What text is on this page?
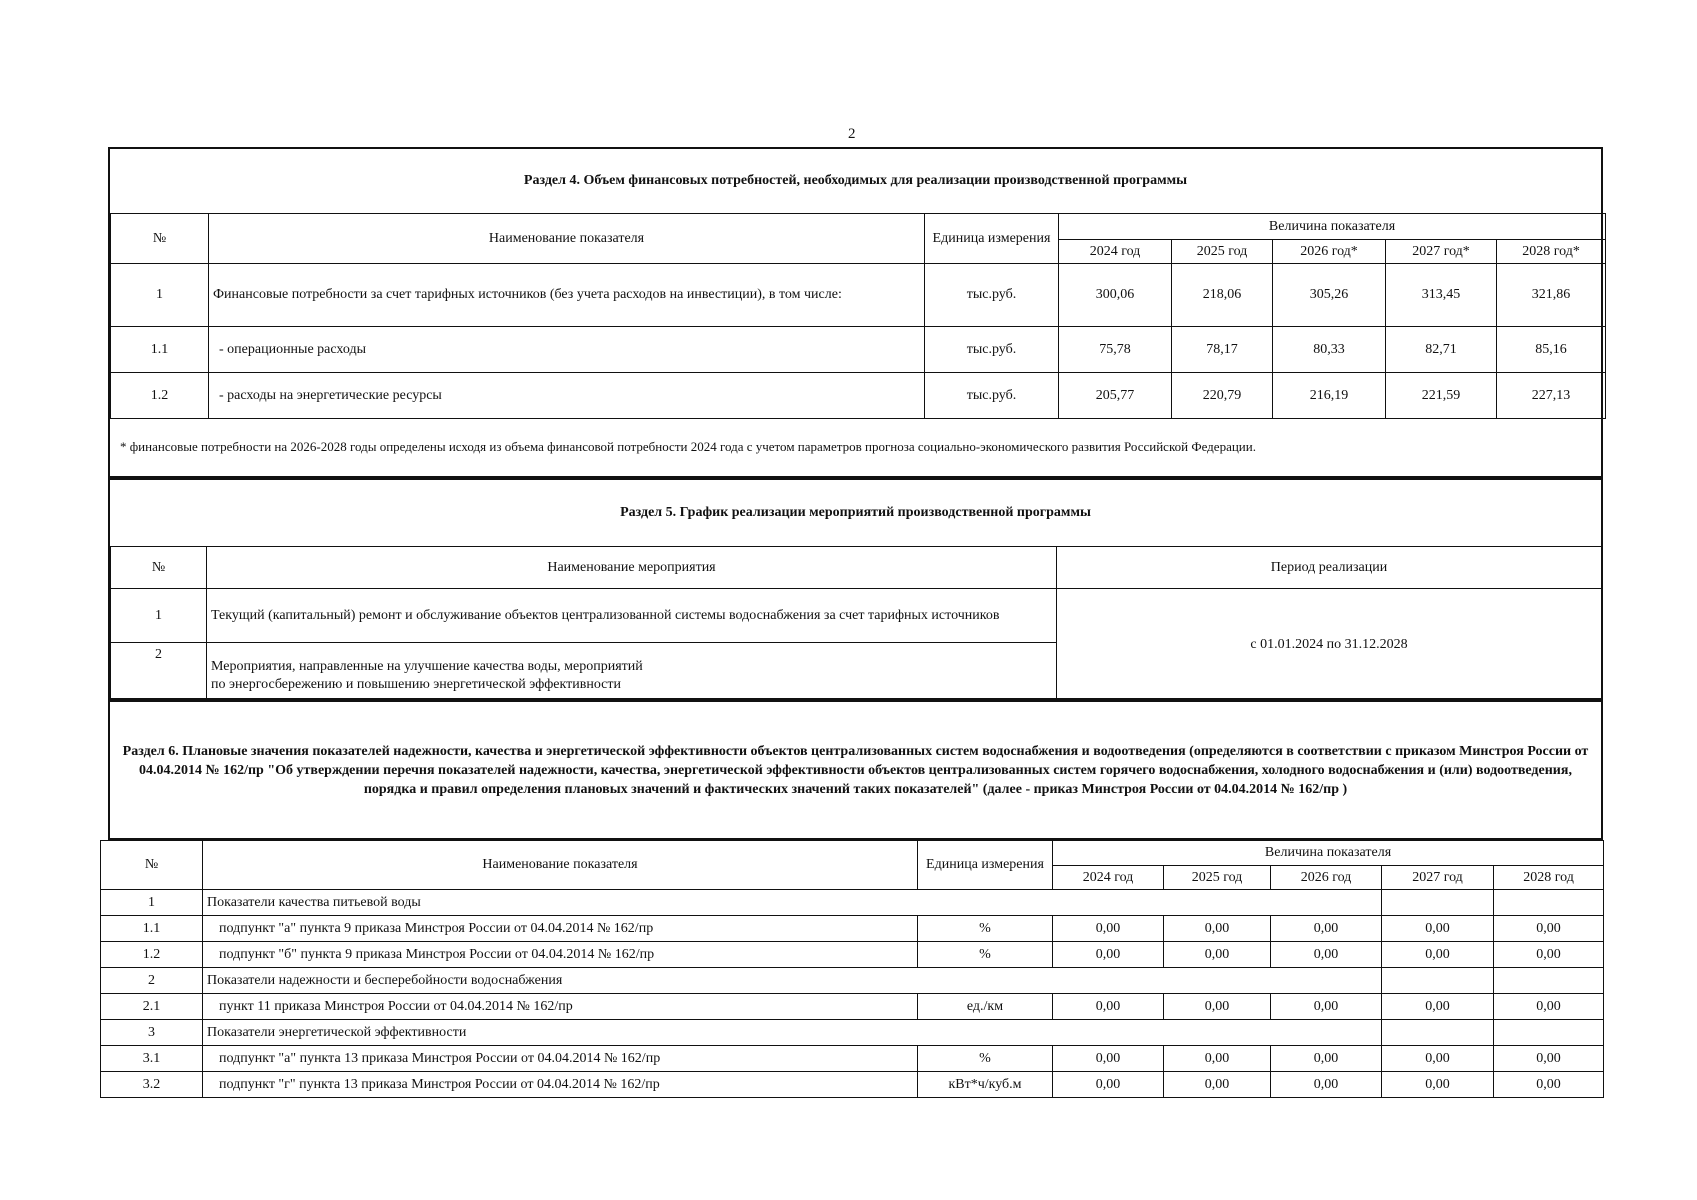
2
Раздел 4. Объем финансовых потребностей, необходимых для реализации производственной программы
№	Наименование показателя	Единица измерения	Величина показателя				
			2024 год	2025 год	2026 год*	2027 год*	2028 год*
1	Финансовые потребности за счет тарифных источников (без учета расходов на инвестиции), в том числе:	тыс.руб.	300,06	218,06	305,26	313,45	321,86
1.1	- операционные расходы	тыс.руб.	75,78	78,17	80,33	82,71	85,16
1.2	- расходы на энергетические ресурсы	тыс.руб.	205,77	220,79	216,19	221,59	227,13
* финансовые потребности на 2026-2028 годы определены исходя из объема финансовой потребности 2024 года с учетом параметров прогноза социально-экономического развития Российской Федерации.
Раздел 5. График реализации мероприятий производственной программы
№	Наименование мероприятия	Период реализации
1	Текущий (капитальный) ремонт и обслуживание объектов централизованной системы водоснабжения за счет тарифных источников	с 01.01.2024 по 31.12.2028
2	Мероприятия, направленные на улучшение качества воды, мероприятий
по энергосбережению и повышению энергетической эффективности	
Раздел 6. Плановые значения показателей надежности, качества и энергетической эффективности объектов централизованных систем водоснабжения и водоотведения (определяются в соответствии с приказом Минстроя России от 04.04.2014 № 162/пр "Об утверждении перечня показателей надежности, качества, энергетической эффективности объектов централизованных систем горячего водоснабжения, холодного водоснабжения и (или) водоотведения, порядка и правил определения плановых значений и фактических значений таких показателей" (далее - приказ Минстроя России от 04.04.2014 № 162/пр )
№	Наименование показателя	Единица измерения	Величина показателя				
			2024 год	2025 год	2026 год	2027 год	2028 год
1	Показатели качества питьевой воды						
1.1	подпункт "а" пункта 9 приказа Минстроя России от 04.04.2014 № 162/пр	%	0,00	0,00	0,00	0,00	0,00
1.2	подпункт "б" пункта 9 приказа Минстроя России от 04.04.2014 № 162/пр	%	0,00	0,00	0,00	0,00	0,00
2	Показатели надежности и бесперебойности водоснабжения						
2.1	пункт 11 приказа Минстроя России от 04.04.2014 № 162/пр	ед./км	0,00	0,00	0,00	0,00	0,00
3	Показатели энергетической эффективности						
3.1	подпункт "а" пункта 13 приказа Минстроя России от 04.04.2014 № 162/пр	%	0,00	0,00	0,00	0,00	0,00
3.2	подпункт "г" пункта 13 приказа Минстроя России от 04.04.2014 № 162/пр	кВт*ч/куб.м	0,00	0,00	0,00	0,00	0,00
